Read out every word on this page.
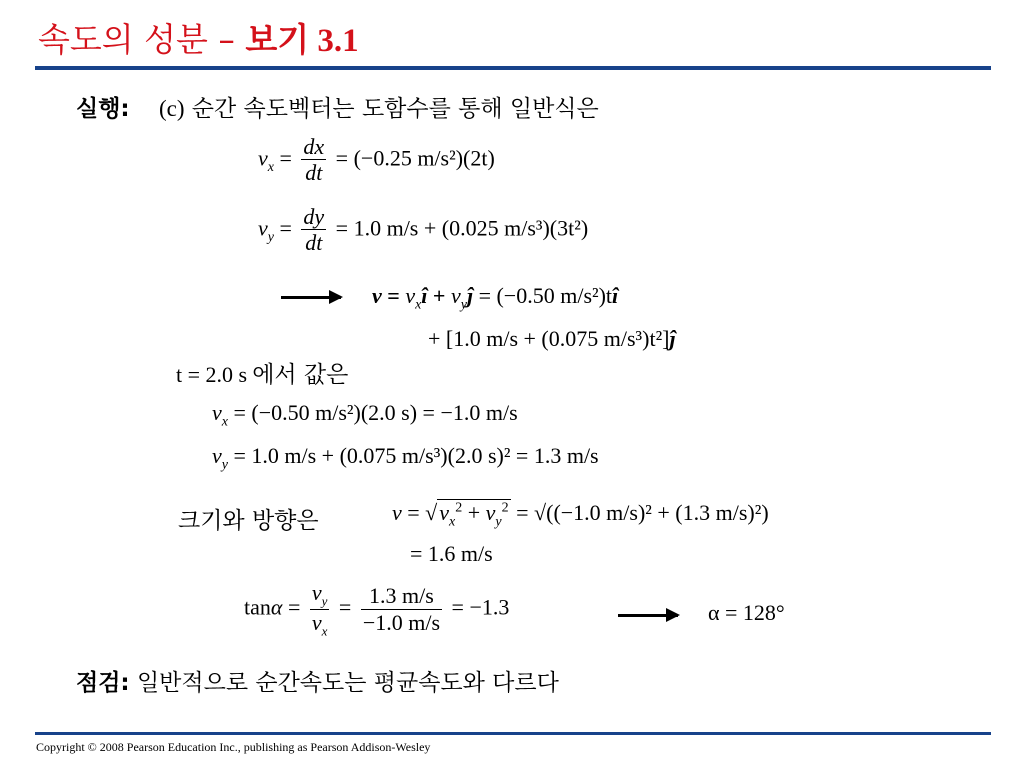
속도의 성분 – 보기 3.1
실행: (c) 순간 속도벡터는 도함수를 통해 일반식은
$v_x = \frac{dx}{dt} = (-0.25$ m/s²)(2t)
$v_y = \frac{dy}{dt} = 1.0$ m/s + (0.025 m/s³)(3t²)
$v = v_xî$ + $v_yĵ = (-0.50$ m/s²)tî
+ [1.0 m/s + (0.075 m/s³)t²]ĵ
t = 2.0 s 에서 값은
$v_x = (-0.50$ m/s²)(2.0 s) = −1.0 m/s
$v_y = 1.0$ m/s + (0.075 m/s³)(2.0 s)² = 1.3 m/s
크기와 방향은	$v = √v_x^2 + v_y^2 = √((-1.0$ m/s)² + (1.3 m/s)²)
= 1.6 m/s
$\tan\alpha = \frac{v_y}{v_x} = \frac{1.3 m/s}{-1.0 m/s} = -1.3$	α = 128°
점검: 일반적으로 순간속도는 평균속도와 다르다
Copyright © 2008 Pearson Education Inc., publishing as Pearson Addison-Wesley
